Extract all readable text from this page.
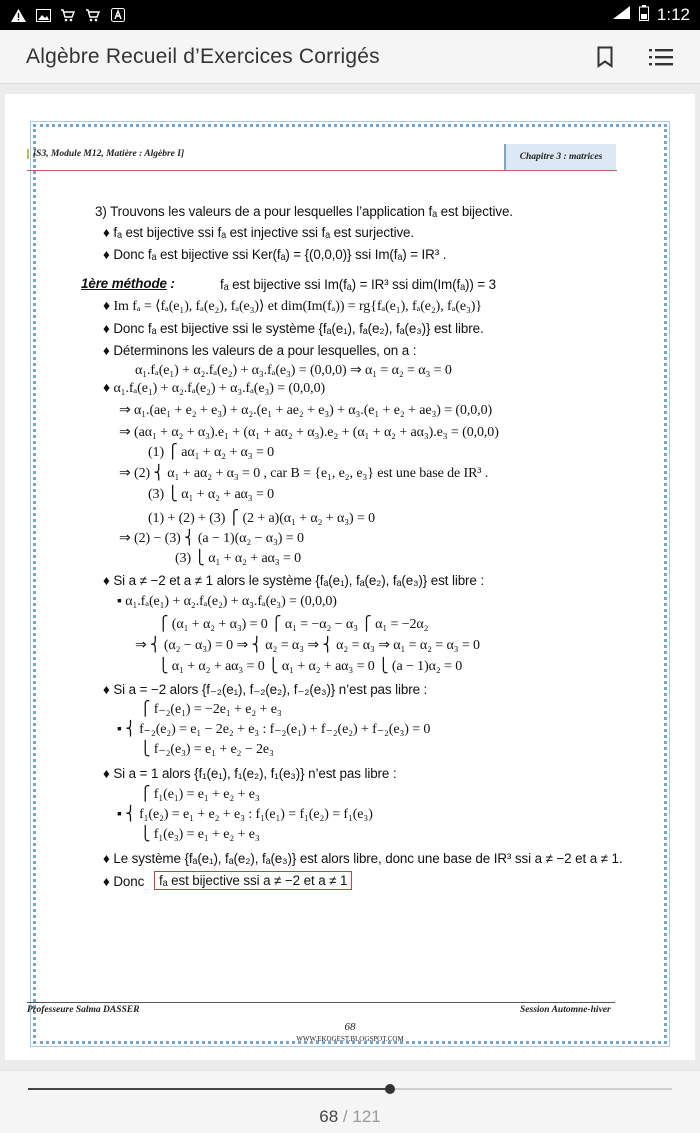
1:12
Algèbre Recueil d’Exercices Corrigés
[S3, Module M12, Matière : Algèbre I]	Chapitre 3 : matrices
3) Trouvons les valeurs de a pour lesquelles l’application fₐ est bijective.
♦ fₐ est bijective ssi fₐ est injective ssi fₐ est surjective.
♦ Donc fₐ est bijective ssi Ker(fₐ) = {(0,0,0)} ssi Im(fₐ) = IR³ .
1ère méthode :	fₐ est bijective ssi Im(fₐ) = IR³ ssi dim(Im(fₐ)) = 3
♦ Im fₐ = ⟨fₐ(e₁), fₐ(e₂), fₐ(e₃)⟩ et dim(Im(fₐ)) = rg{fₐ(e₁), fₐ(e₂), fₐ(e₃)}
♦ Donc fₐ est bijective ssi le système {fₐ(e₁), fₐ(e₂), fₐ(e₃)} est libre.
♦ Déterminons les valeurs de a pour lesquelles, on a :
α₁.fₐ(e₁) + α₂.fₐ(e₂) + α₃.fₐ(e₃) = (0,0,0) ⇒ α₁ = α₂ = α₃ = 0
♦ α₁.fₐ(e₁) + α₂.fₐ(e₂) + α₃.fₐ(e₃) = (0,0,0)
⇒ α₁.(ae₁ + e₂ + e₃) + α₂.(e₁ + ae₂ + e₃) + α₃.(e₁ + e₂ + ae₃) = (0,0,0)
⇒ (aα₁ + α₂ + α₃).e₁ + (α₁ + aα₂ + α₃).e₂ + (α₁ + α₂ + aα₃).e₃ = (0,0,0)
(1) ⎧ aα₁ + α₂ + α₃ = 0
⇒ (2) ⎨ α₁ + aα₂ + α₃ = 0 , car B = {e₁, e₂, e₃} est une base de IR³ .
(3) ⎩ α₁ + α₂ + aα₃ = 0
(1) + (2) + (3) ⎧ (2 + a)(α₁ + α₂ + α₃) = 0
⇒ (2) − (3) ⎨ (a − 1)(α₂ − α₃) = 0
(3) ⎩ α₁ + α₂ + aα₃ = 0
♦ Si a ≠ −2 et a ≠ 1 alors le système {fₐ(e₁), fₐ(e₂), fₐ(e₃)} est libre :
▪ α₁.fₐ(e₁) + α₂.fₐ(e₂) + α₃.fₐ(e₃) = (0,0,0)
⎧ (α₁ + α₂ + α₃) = 0 ⎧ α₁ = −α₂ − α₃ ⎧ α₁ = −2α₂
⇒ ⎨ (α₂ − α₃) = 0 ⇒ ⎨ α₂ = α₃ ⇒ ⎨ α₂ = α₃ ⇒ α₁ = α₂ = α₃ = 0
⎩ α₁ + α₂ + aα₃ = 0 ⎩ α₁ + α₂ + aα₃ = 0 ⎩ (a − 1)α₂ = 0
♦ Si a = −2 alors {f₋₂(e₁), f₋₂(e₂), f₋₂(e₃)} n’est pas libre :
⎧ f₋₂(e₁) = −2e₁ + e₂ + e₃
▪ ⎨ f₋₂(e₂) = e₁ − 2e₂ + e₃ : f₋₂(e₁) + f₋₂(e₂) + f₋₂(e₃) = 0
⎩ f₋₂(e₃) = e₁ + e₂ − 2e₃
♦ Si a = 1 alors {f₁(e₁), f₁(e₂), f₁(e₃)} n’est pas libre :
⎧ f₁(e₁) = e₁ + e₂ + e₃
▪ ⎨ f₁(e₂) = e₁ + e₂ + e₃ : f₁(e₁) = f₁(e₂) = f₁(e₃)
⎩ f₁(e₃) = e₁ + e₂ + e₃
♦ Le système {fₐ(e₁), fₐ(e₂), fₐ(e₃)} est alors libre, donc une base de IR³ ssi a ≠ −2 et a ≠ 1.
♦ Donc	fₐ est bijective ssi a ≠ −2 et a ≠ 1
Professeure Salma DASSER	Session Automne-hiver
68
WWW.EKOGEST.BLOGSPOT.COM
68 / 121
